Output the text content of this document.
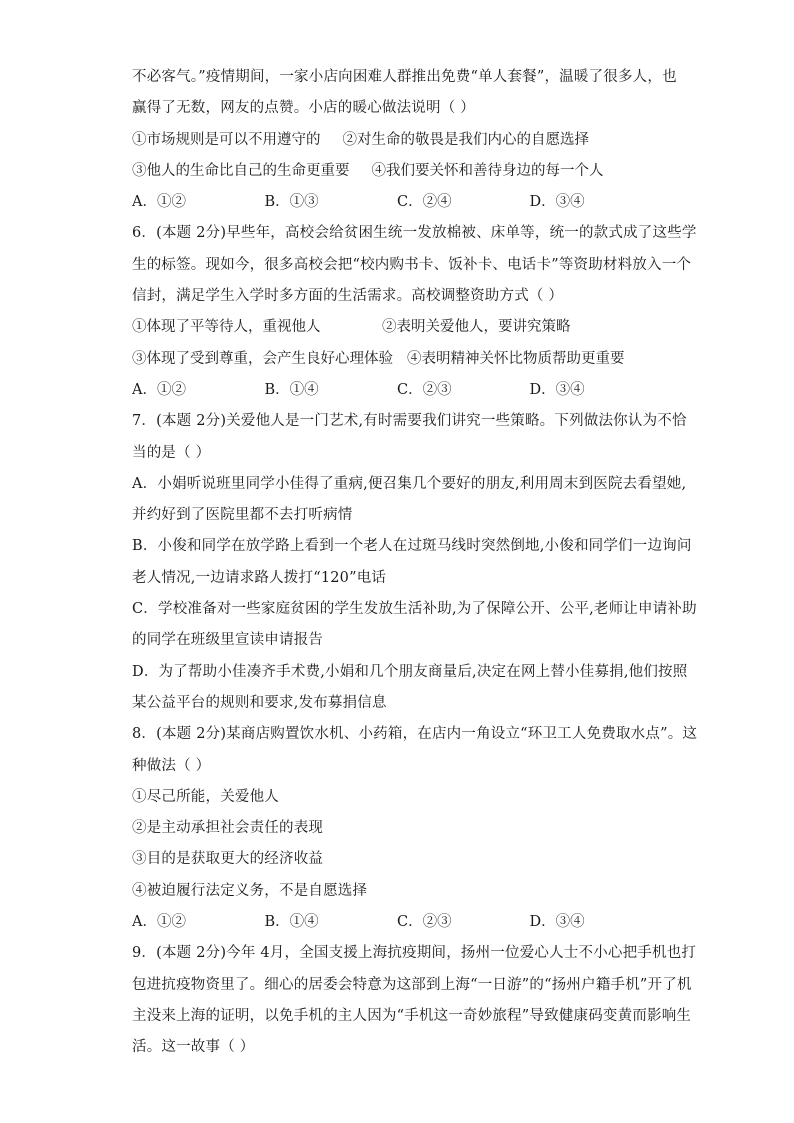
不必客气。”疫情期间，一家小店向困难人群推出免费“单人套餐”，温暖了很多人，也
赢得了无数，网友的点赞。小店的暖心做法说明（ ）
①市场规则是可以不用遵守的 ②对生命的敬畏是我们内心的自愿选择
③他人的生命比自己的生命更重要 ④我们要关怀和善待身边的每一个人
A．①②	B．①③	C．②④	D．③④
6．(本题 2分)早些年，高校会给贫困生统一发放棉被、床单等，统一的款式成了这些学
生的标签。现如今，很多高校会把“校内购书卡、饭补卡、电话卡”等资助材料放入一个
信封，满足学生入学时多方面的生活需求。高校调整资助方式（ ）
①体现了平等待人，重视他人	②表明关爱他人，要讲究策略
③体现了受到尊重，会产生良好心理体验 ④表明精神关怀比物质帮助更重要
A．①②	B．①④	C．②③	D．③④
7．(本题 2分)关爱他人是一门艺术,有时需要我们讲究一些策略。下列做法你认为不恰
当的是（ ）
A．小娟听说班里同学小佳得了重病,便召集几个要好的朋友,利用周末到医院去看望她,
并约好到了医院里都不去打听病情
B．小俊和同学在放学路上看到一个老人在过斑马线时突然倒地,小俊和同学们一边询问
老人情况,一边请求路人拨打“120”电话
C．学校准备对一些家庭贫困的学生发放生活补助,为了保障公开、公平,老师让申请补助
的同学在班级里宣读申请报告
D．为了帮助小佳凑齐手术费,小娟和几个朋友商量后,决定在网上替小佳募捐,他们按照
某公益平台的规则和要求,发布募捐信息
8．(本题 2分)某商店购置饮水机、小药箱，在店内一角设立“环卫工人免费取水点”。这
种做法（ ）
①尽己所能，关爱他人
②是主动承担社会责任的表现
③目的是获取更大的经济收益
④被迫履行法定义务，不是自愿选择
A．①②	B．①④	C．②③	D．③④
9．(本题 2分)今年 4月，全国支援上海抗疫期间，扬州一位爱心人士不小心把手机也打
包进抗疫物资里了。细心的居委会特意为这部到上海“一日游”的“扬州户籍手机”开了机
主没来上海的证明，以免手机的主人因为“手机这一奇妙旅程”导致健康码变黄而影响生
活。这一故事（ ）
